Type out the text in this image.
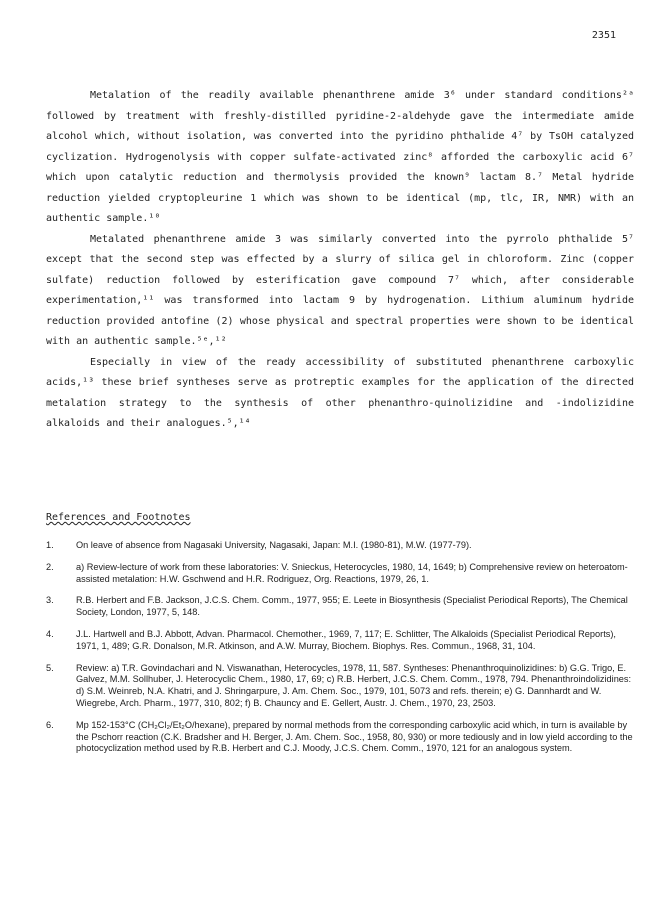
2351

Metalation of the readily available phenanthrene amide 3⁶ under standard conditions²ᵃ followed by treatment with freshly-distilled pyridine-2-aldehyde gave the intermediate amide alcohol which, without isolation, was converted into the pyridino phthalide 4⁷ by TsOH catalyzed cyclization. Hydrogenolysis with copper sulfate-activated zinc⁸ afforded the carboxylic acid 6⁷ which upon catalytic reduction and thermolysis provided the known⁹ lactam 8.⁷ Metal hydride reduction yielded cryptopleurine 1 which was shown to be identical (mp, tlc, IR, NMR) with an authentic sample.¹⁰

Metalated phenanthrene amide 3 was similarly converted into the pyrrolo phthalide 5⁷ except that the second step was effected by a slurry of silica gel in chloroform. Zinc (copper sulfate) reduction followed by esterification gave compound 7⁷ which, after considerable experimentation,¹¹ was transformed into lactam 9 by hydrogenation. Lithium aluminum hydride reduction provided antofine (2) whose physical and spectral properties were shown to be identical with an authentic sample.⁵ᵉ,¹²

Especially in view of the ready accessibility of substituted phenanthrene carboxylic acids,¹³ these brief syntheses serve as protreptic examples for the application of the directed metalation strategy to the synthesis of other phenanthro-quinolizidine and -indolizidine alkaloids and their analogues.⁵,¹⁴

References and Footnotes
1.	On leave of absence from Nagasaki University, Nagasaki, Japan: M.I. (1980-81), M.W. (1977-79).
2.	a) Review-lecture of work from these laboratories: V. Snieckus, Heterocycles, 1980, 14, 1649; b) Comprehensive review on heteroatom-assisted metalation: H.W. Gschwend and H.R. Rodriguez, Org. Reactions, 1979, 26, 1.
3.	R.B. Herbert and F.B. Jackson, J.C.S. Chem. Comm., 1977, 955; E. Leete in Biosynthesis (Specialist Periodical Reports), The Chemical Society, London, 1977, 5, 148.
4.	J.L. Hartwell and B.J. Abbott, Advan. Pharmacol. Chemother., 1969, 7, 117; E. Schlitter, The Alkaloids (Specialist Periodical Reports), 1971, 1, 489; G.R. Donalson, M.R. Atkinson, and A.W. Murray, Biochem. Biophys. Res. Commun., 1968, 31, 104.
5.	Review: a) T.R. Govindachari and N. Viswanathan, Heterocycles, 1978, 11, 587. Syntheses: Phenanthroquinolizidines: b) G.G. Trigo, E. Galvez, M.M. Sollhuber, J. Heterocyclic Chem., 1980, 17, 69; c) R.B. Herbert, J.C.S. Chem. Comm., 1978, 794. Phenanthroindolizidines: d) S.M. Weinreb, N.A. Khatri, and J. Shringarpure, J. Am. Chem. Soc., 1979, 101, 5073 and refs. therein; e) G. Dannhardt and W. Wiegrebe, Arch. Pharm., 1977, 310, 802; f) B. Chauncy and E. Gellert, Austr. J. Chem., 1970, 23, 2503.
6.	Mp 152-153°C (CH₂Cl₂/Et₂O/hexane), prepared by normal methods from the corresponding carboxylic acid which, in turn is available by the Pschorr reaction (C.K. Bradsher and H. Berger, J. Am. Chem. Soc., 1958, 80, 930) or more tediously and in low yield according to the photocyclization method used by R.B. Herbert and C.J. Moody, J.C.S. Chem. Comm., 1970, 121 for an analogous system.
